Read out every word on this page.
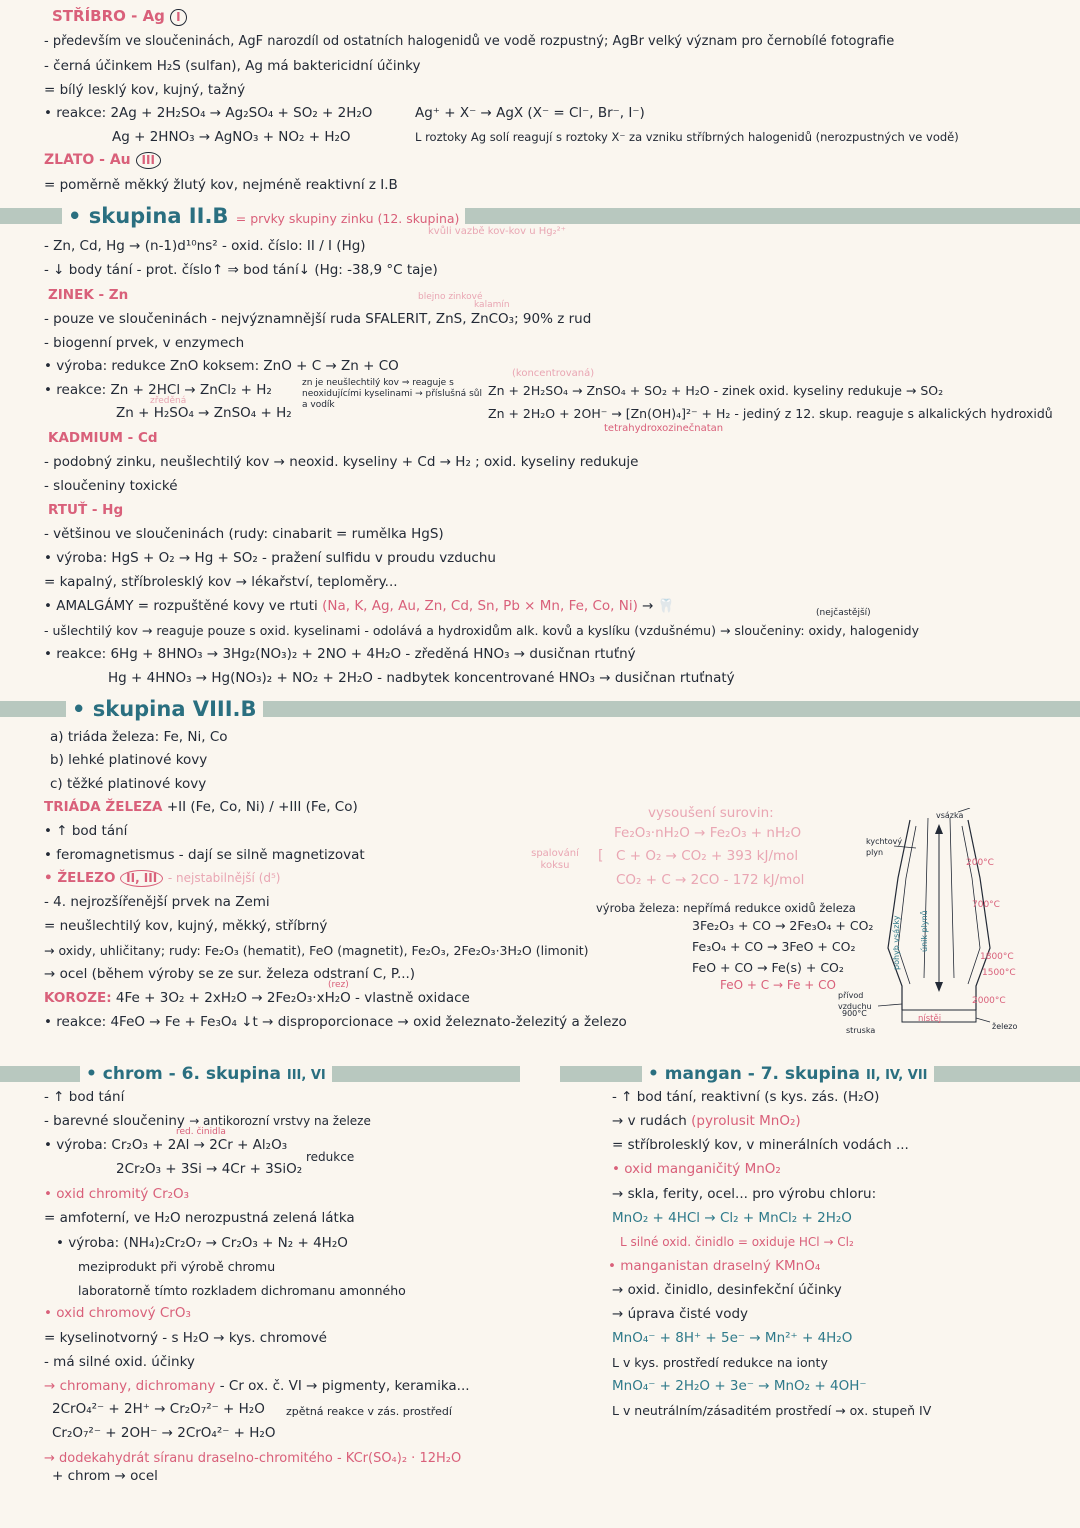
STŘÍBRO - Ag I
- především ve sloučeninách, AgF narozdíl od ostatních halogenidů ve vodě rozpustný; AgBr velký význam pro černobílé fotografie
- černá účinkem H₂S (sulfan), Ag má baktericidní účinky
= bílý lesklý kov, kujný, tažný
• reakce: 2Ag + 2H₂SO₄ → Ag₂SO₄ + SO₂ + 2H₂O	Ag⁺ + X⁻ → AgX (X⁻ = Cl⁻, Br⁻, I⁻)
Ag + 2HNO₃ → AgNO₃ + NO₂ + H₂O	L roztoky Ag solí reagují s roztoky X⁻ za vzniku stříbrných halogenidů (nerozpustných ve vodě)
ZLATO - Au III
= poměrně měkký žlutý kov, nejméně reaktivní z I.B
• skupina II.B = prvky skupiny zinku (12. skupina)
kvůli vazbě kov-kov u Hg₂²⁺
- Zn, Cd, Hg → (n-1)d¹⁰ns² - oxid. číslo: II / I (Hg)
- ↓ body tání - prot. číslo↑ ⇒ bod tání↓ (Hg: -38,9 °C taje)
ZINEK - Zn	blejno zinkové
kalamín
- pouze ve sloučeninách - nejvýznamnější ruda SFALERIT, ZnS, ZnCO₃; 90% z rud
- biogenní prvek, v enzymech
• výroba: redukce ZnO koksem: ZnO + C → Zn + CO	(koncentrovaná)
• reakce: Zn + 2HCl → ZnCl₂ + H₂	zn je neušlechtilý kov ⇒ reaguje s neoxidujícími kyselinami → příslušná sůl a vodík
Zn + 2H₂SO₄ → ZnSO₄ + SO₂ + H₂O - zinek oxid. kyseliny redukuje → SO₂
zředěná
Zn + H₂SO₄ → ZnSO₄ + H₂	Zn + 2H₂O + 2OH⁻ → [Zn(OH)₄]²⁻ + H₂ - jediný z 12. skup. reaguje s alkalických hydroxidů
tetrahydroxozinečnatan
KADMIUM - Cd
- podobný zinku, neušlechtilý kov → neoxid. kyseliny + Cd → H₂ ; oxid. kyseliny redukuje
- sloučeniny toxické
RTUŤ - Hg
- většinou ve sloučeninách (rudy: cinabarit = rumělka HgS)
• výroba: HgS + O₂ → Hg + SO₂ - pražení sulfidu v proudu vzduchu
= kapalný, stříbrolesklý kov → lékařství, teploměry...
• AMALGÁMY = rozpuštěné kovy ve rtuti (Na, K, Ag, Au, Zn, Cd, Sn, Pb × Mn, Fe, Co, Ni) → 🦷	(nejčastější)
- ušlechtilý kov → reaguje pouze s oxid. kyselinami - odolává a hydroxidům alk. kovů a kyslíku (vzdušnému) → sloučeniny: oxidy, halogenidy
• reakce: 6Hg + 8HNO₃ → 3Hg₂(NO₃)₂ + 2NO + 4H₂O - zředěná HNO₃ → dusičnan rtuťný
Hg + 4HNO₃ → Hg(NO₃)₂ + NO₂ + 2H₂O - nadbytek koncentrované HNO₃ → dusičnan rtuťnatý
• skupina VIII.B
a) triáda železa: Fe, Ni, Co
b) lehké platinové kovy
c) těžké platinové kovy
TRIÁDA ŽELEZA +II (Fe, Co, Ni) / +III (Fe, Co)
• ↑ bod tání
• feromagnetismus - dají se silně magnetizovat
• ŽELEZO II, III - nejstabilnější (d⁵)
- 4. nejrozšířenější prvek na Zemi
= neušlechtilý kov, kujný, měkký, stříbrný
→ oxidy, uhličitany; rudy: Fe₂O₃ (hematit), FeO (magnetit), Fe₂O₃, 2Fe₂O₃·3H₂O (limonit)
→ ocel (během výroby se ze sur. železa odstraní C, P...)
(rez)
KOROZE: 4Fe + 3O₂ + 2xH₂O → 2Fe₂O₃·xH₂O - vlastně oxidace
• reakce: 4FeO → Fe + Fe₃O₄ ↓t → disproporcionace → oxid železnato-železitý a železo
vysoušení surovin:
Fe₂O₃·nH₂O → Fe₂O₃ + nH₂O
spalování koksu
[ C + O₂ → CO₂ + 393 kJ/mol
CO₂ + C → 2CO - 172 kJ/mol
výroba železa: nepřímá redukce oxidů železa
3Fe₂O₃ + CO → 2Fe₃O₄ + CO₂
Fe₃O₄ + CO → 3FeO + CO₂
FeO + CO → Fe(s) + CO₂
FeO + C → Fe + CO
vsázka
kychtový plyn
200°C
700°C
1800°C
1500°C
2000°C
pohyb vsázky	únik plynů
přívod vzduchu
900°C
struska
nístěj
železo
• chrom - 6. skupina III, VI	• mangan - 7. skupina II, IV, VII
- ↑ bod tání
- barevné sloučeniny → antikorozní vrstvy na železe
red. činidla
• výroba: Cr₂O₃ + 2Al → 2Cr + Al₂O₃
redukce
2Cr₂O₃ + 3Si → 4Cr + 3SiO₂
• oxid chromitý Cr₂O₃
= amfoterní, ve H₂O nerozpustná zelená látka
• výroba: (NH₄)₂Cr₂O₇ → Cr₂O₃ + N₂ + 4H₂O
meziprodukt při výrobě chromu
laboratorně tímto rozkladem dichromanu amonného
• oxid chromový CrO₃
= kyselinotvorný - s H₂O → kys. chromové
- má silné oxid. účinky
→ chromany, dichromany - Cr ox. č. VI → pigmenty, keramika...
2CrO₄²⁻ + 2H⁺ → Cr₂O₇²⁻ + H₂O zpětná reakce v zás. prostředí
Cr₂O₇²⁻ + 2OH⁻ → 2CrO₄²⁻ + H₂O
→ dodekahydrát síranu draselno-chromitého - KCr(SO₄)₂ · 12H₂O
+ chrom → ocel
- ↑ bod tání, reaktivní (s kys. zás. (H₂O)
→ v rudách (pyrolusit MnO₂)
= stříbrolesklý kov, v minerálních vodách ...
• oxid manganičitý MnO₂
→ skla, ferity, ocel... pro výrobu chloru:
MnO₂ + 4HCl → Cl₂ + MnCl₂ + 2H₂O
L silné oxid. činidlo = oxiduje HCl → Cl₂
• manganistan draselný KMnO₄
→ oxid. činidlo, desinfekční účinky
→ úprava čisté vody
MnO₄⁻ + 8H⁺ + 5e⁻ → Mn²⁺ + 4H₂O
L v kys. prostředí redukce na ionty
MnO₄⁻ + 2H₂O + 3e⁻ → MnO₂ + 4OH⁻
L v neutrálním/zásaditém prostředí → ox. stupeň IV
